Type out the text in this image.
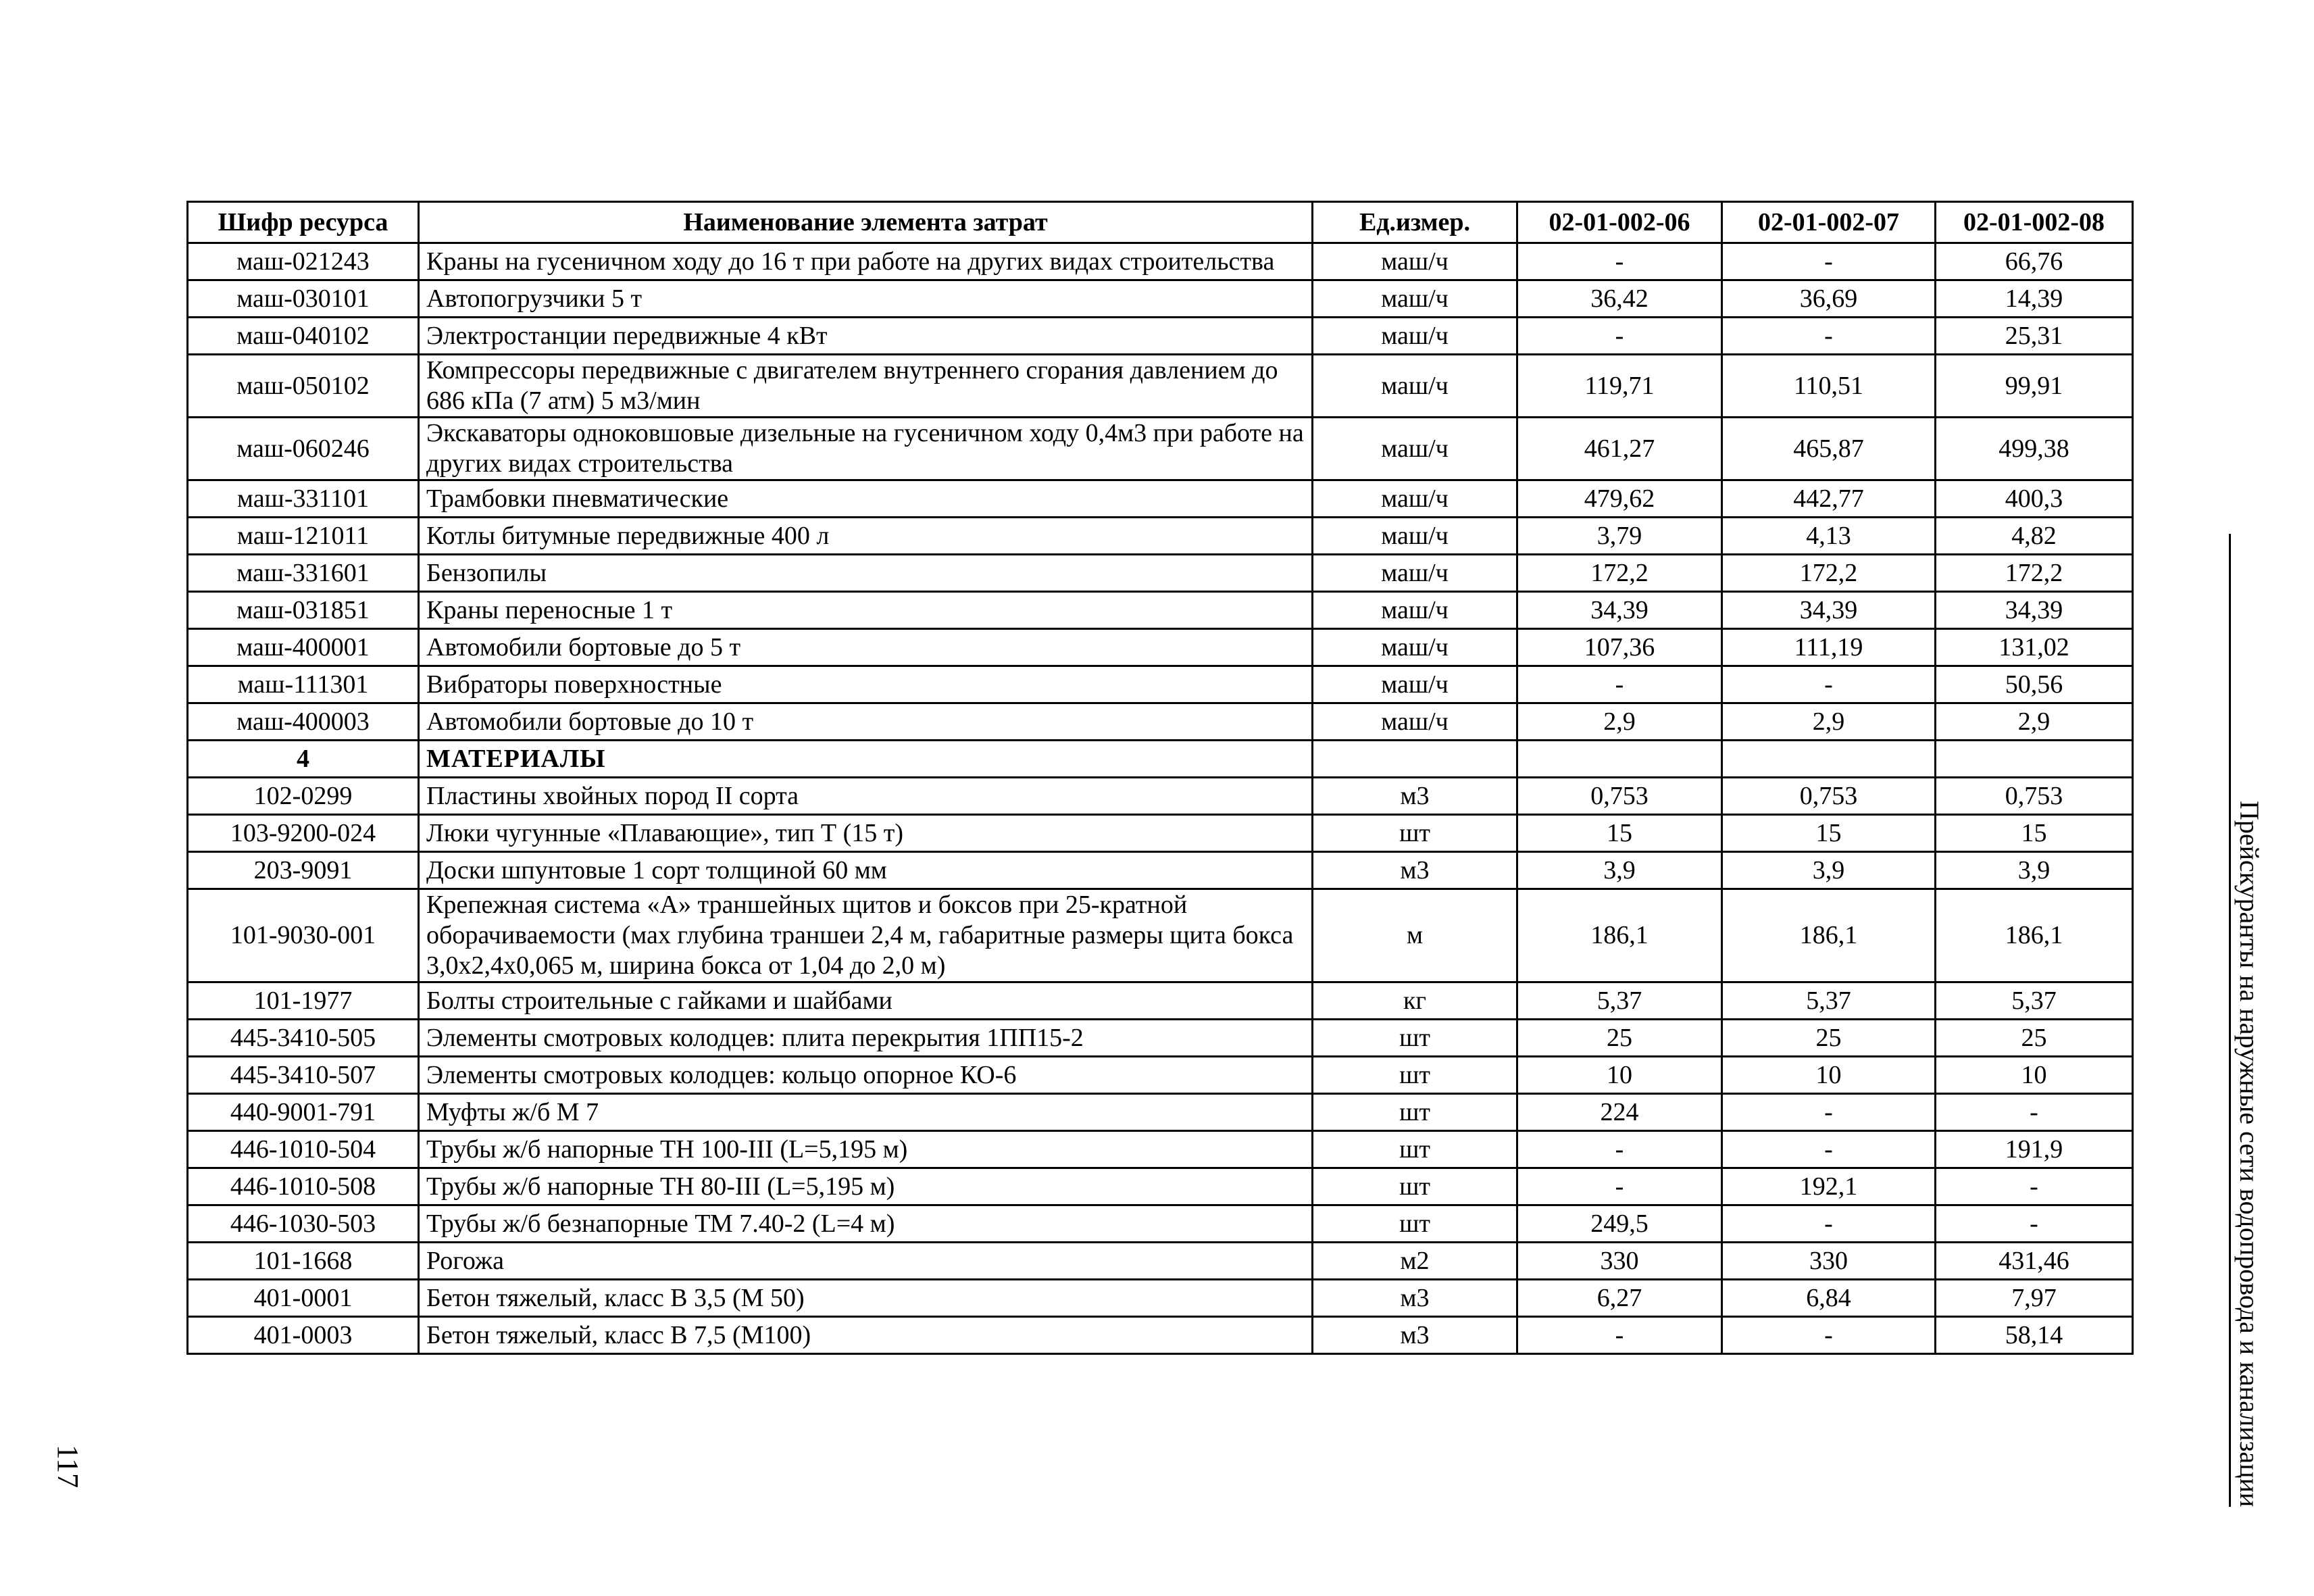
Шифр ресурса	Наименование элемента затрат	Ед.измер.	02-01-002-06	02-01-002-07	02-01-002-08
маш-021243	Краны на гусеничном ходу до 16 т при работе на других видах строительства	маш/ч	-	-	66,76
маш-030101	Автопогрузчики 5 т	маш/ч	36,42	36,69	14,39
маш-040102	Электростанции передвижные 4 кВт	маш/ч	-	-	25,31
маш-050102	Компрессоры передвижные с двигателем внутреннего сгорания давлением до 686 кПа (7 атм) 5 м3/мин	маш/ч	119,71	110,51	99,91
маш-060246	Экскаваторы одноковшовые дизельные на гусеничном ходу 0,4м3 при работе на других видах строительства	маш/ч	461,27	465,87	499,38
маш-331101	Трамбовки пневматические	маш/ч	479,62	442,77	400,3
маш-121011	Котлы битумные передвижные 400 л	маш/ч	3,79	4,13	4,82
маш-331601	Бензопилы	маш/ч	172,2	172,2	172,2
маш-031851	Краны переносные 1 т	маш/ч	34,39	34,39	34,39
маш-400001	Автомобили бортовые до 5 т	маш/ч	107,36	111,19	131,02
маш-111301	Вибраторы поверхностные	маш/ч	-	-	50,56
маш-400003	Автомобили бортовые до 10 т	маш/ч	2,9	2,9	2,9
4	МАТЕРИАЛЫ				
102-0299	Пластины хвойных пород II сорта	м3	0,753	0,753	0,753
103-9200-024	Люки чугунные «Плавающие», тип Т (15 т)	шт	15	15	15
203-9091	Доски шпунтовые 1 сорт толщиной 60 мм	м3	3,9	3,9	3,9
101-9030-001	Крепежная система «А» траншейных щитов и боксов при 25-кратной оборачиваемости (мах глубина траншеи 2,4 м, габаритные размеры щита бокса 3,0х2,4х0,065 м, ширина бокса от 1,04 до 2,0 м)	м	186,1	186,1	186,1
101-1977	Болты строительные с гайками и шайбами	кг	5,37	5,37	5,37
445-3410-505	Элементы смотровых колодцев: плита перекрытия 1ПП15-2	шт	25	25	25
445-3410-507	Элементы смотровых колодцев: кольцо опорное КО-6	шт	10	10	10
440-9001-791	Муфты ж/б М 7	шт	224	-	-
446-1010-504	Трубы ж/б напорные ТН 100-III (L=5,195 м)	шт	-	-	191,9
446-1010-508	Трубы ж/б напорные ТН 80-III (L=5,195 м)	шт	-	192,1	-
446-1030-503	Трубы ж/б безнапорные ТМ 7.40-2 (L=4 м)	шт	249,5	-	-
101-1668	Рогожа	м2	330	330	431,46
401-0001	Бетон тяжелый, класс В 3,5 (М 50)	м3	6,27	6,84	7,97
401-0003	Бетон тяжелый, класс В 7,5 (М100)	м3	-	-	58,14	Прейскуранты на наружные сети водопровода и канализации
117
